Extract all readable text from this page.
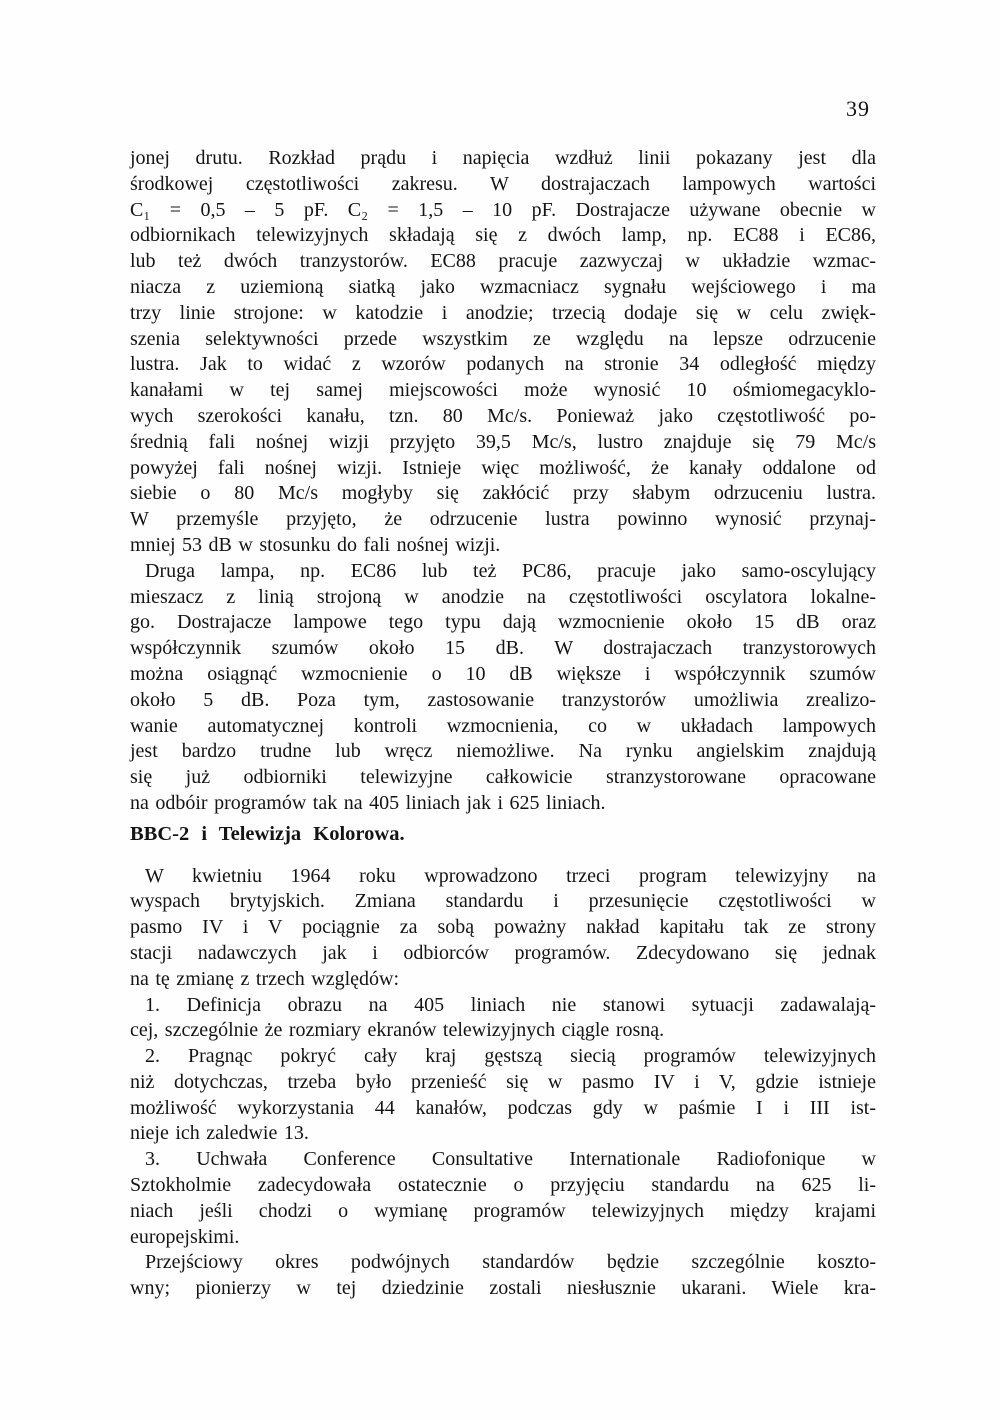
39
jonej drutu. Rozkład prądu i napięcia wzdłuż linii pokazany jest dla
środkowej częstotliwości zakresu. W dostrajaczach lampowych wartości
C₁ = 0,5 – 5 pF. C₂ = 1,5 – 10 pF. Dostrajacze używane obecnie w
odbiornikach telewizyjnych składają się z dwóch lamp, np. EC88 i EC86,
lub też dwóch tranzystorów. EC88 pracuje zazwyczaj w układzie wzmac-
niacza z uziemioną siatką jako wzmacniacz sygnału wejściowego i ma
trzy linie strojone: w katodzie i anodzie; trzecią dodaje się w celu zwięk-
szenia selektywności przede wszystkim ze względu na lepsze odrzucenie
lustra. Jak to widać z wzorów podanych na stronie 34 odległość między
kanałami w tej samej miejscowości może wynosić 10 ośmiomegacyklo-
wych szerokości kanału, tzn. 80 Mc/s. Ponieważ jako częstotliwość po-
średnią fali nośnej wizji przyjęto 39,5 Mc/s, lustro znajduje się 79 Mc/s
powyżej fali nośnej wizji. Istnieje więc możliwość, że kanały oddalone od
siebie o 80 Mc/s mogłyby się zakłócić przy słabym odrzuceniu lustra.
W przemyśle przyjęto, że odrzucenie lustra powinno wynosić przynaj-
mniej 53 dB w stosunku do fali nośnej wizji.
Druga lampa, np. EC86 lub też PC86, pracuje jako samo-oscylujący
mieszacz z linią strojoną w anodzie na częstotliwości oscylatora lokalne-
go. Dostrajacze lampowe tego typu dają wzmocnienie około 15 dB oraz
współczynnik szumów około 15 dB. W dostrajaczach tranzystorowych
można osiągnąć wzmocnienie o 10 dB większe i współczynnik szumów
około 5 dB. Poza tym, zastosowanie tranzystorów umożliwia zrealizo-
wanie automatycznej kontroli wzmocnienia, co w układach lampowych
jest bardzo trudne lub wręcz niemożliwe. Na rynku angielskim znajdują
się już odbiorniki telewizyjne całkowicie stranzystorowane opracowane
na odbóir programów tak na 405 liniach jak i 625 liniach.
BBC-2 i Telewizja Kolorowa.
W kwietniu 1964 roku wprowadzono trzeci program telewizyjny na
wyspach brytyjskich. Zmiana standardu i przesunięcie częstotliwości w
pasmo IV i V pociągnie za sobą poważny nakład kapitału tak ze strony
stacji nadawczych jak i odbiorców programów. Zdecydowano się jednak
na tę zmianę z trzech względów:
1. Definicja obrazu na 405 liniach nie stanowi sytuacji zadawalają-
cej, szczególnie że rozmiary ekranów telewizyjnych ciągle rosną.
2. Pragnąc pokryć cały kraj gęstszą siecią programów telewizyjnych
niż dotychczas, trzeba było przenieść się w pasmo IV i V, gdzie istnieje
możliwość wykorzystania 44 kanałów, podczas gdy w paśmie I i III ist-
nieje ich zaledwie 13.
3. Uchwała Conference Consultative Internationale Radiofonique w
Sztokholmie zadecydowała ostatecznie o przyjęciu standardu na 625 li-
niach jeśli chodzi o wymianę programów telewizyjnych między krajami
europejskimi.
Przejściowy okres podwójnych standardów będzie szczególnie koszto-
wny; pionierzy w tej dziedzinie zostali niesłusznie ukarani. Wiele kra-
